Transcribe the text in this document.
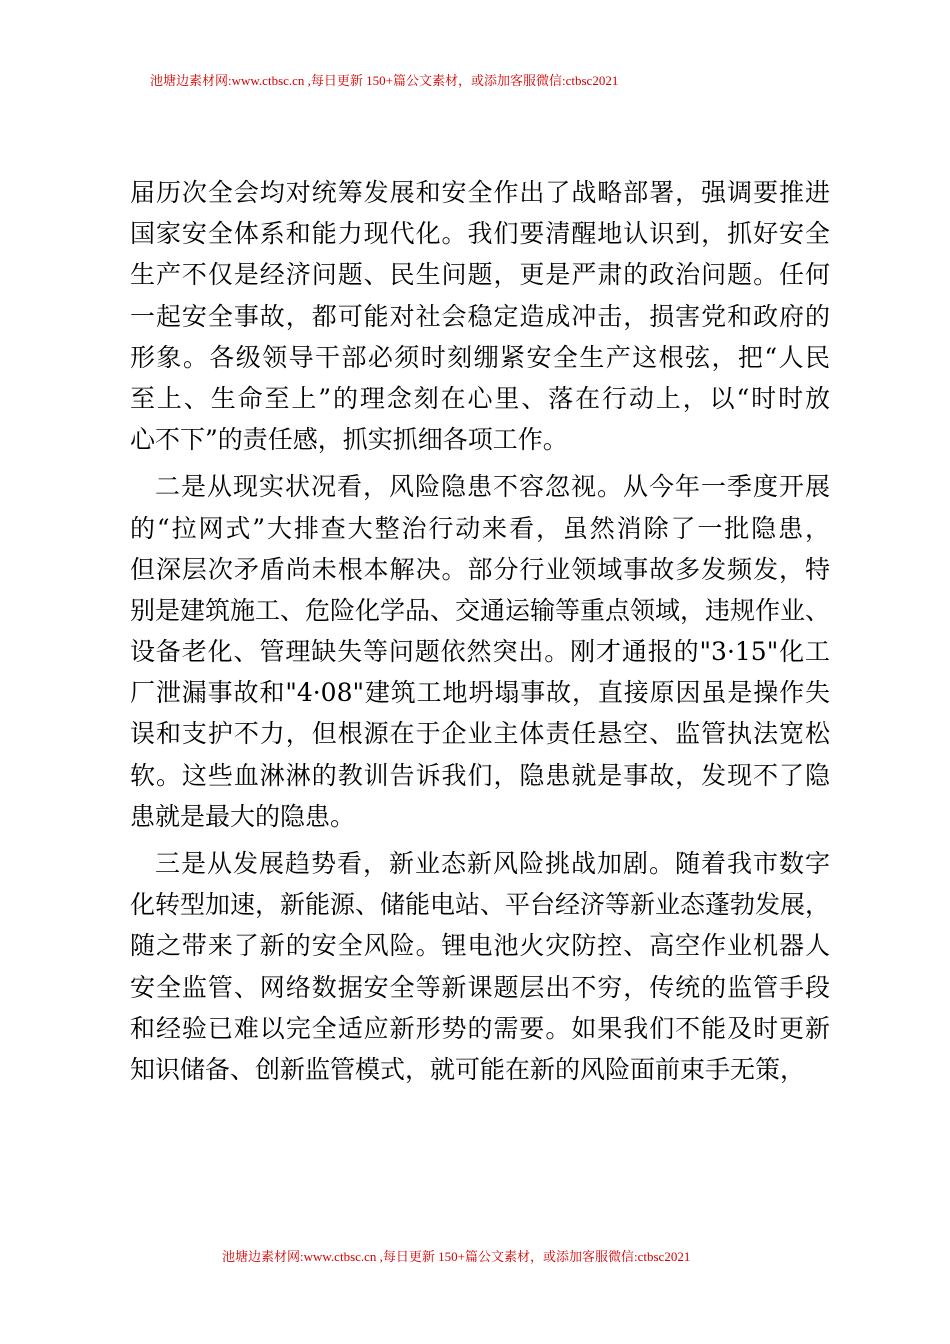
池塘边素材网:www.ctbsc.cn ,每日更新 150+篇公文素材，或添加客服微信:ctbsc2021
届历次全会均对统筹发展和安全作出了战略部署，强调要推进
国家安全体系和能力现代化。我们要清醒地认识到，抓好安全
生产不仅是经济问题、民生问题，更是严肃的政治问题。任何
一起安全事故，都可能对社会稳定造成冲击，损害党和政府的
形象。各级领导干部必须时刻绷紧安全生产这根弦，把“人民
至上、生命至上”的理念刻在心里、落在行动上，以“时时放
心不下”的责任感，抓实抓细各项工作。
二是从现实状况看，风险隐患不容忽视。从今年一季度开展
的“拉网式”大排查大整治行动来看，虽然消除了一批隐患，
但深层次矛盾尚未根本解决。部分行业领域事故多发频发，特
别是建筑施工、危险化学品、交通运输等重点领域，违规作业、
设备老化、管理缺失等问题依然突出。刚才通报的"3·15"化工
厂泄漏事故和"4·08"建筑工地坍塌事故，直接原因虽是操作失
误和支护不力，但根源在于企业主体责任悬空、监管执法宽松
软。这些血淋淋的教训告诉我们，隐患就是事故，发现不了隐
患就是最大的隐患。
三是从发展趋势看，新业态新风险挑战加剧。随着我市数字
化转型加速，新能源、储能电站、平台经济等新业态蓬勃发展，
随之带来了新的安全风险。锂电池火灾防控、高空作业机器人
安全监管、网络数据安全等新课题层出不穷，传统的监管手段
和经验已难以完全适应新形势的需要。如果我们不能及时更新
知识储备、创新监管模式，就可能在新的风险面前束手无策，
池塘边素材网:www.ctbsc.cn ,每日更新 150+篇公文素材，或添加客服微信:ctbsc2021
